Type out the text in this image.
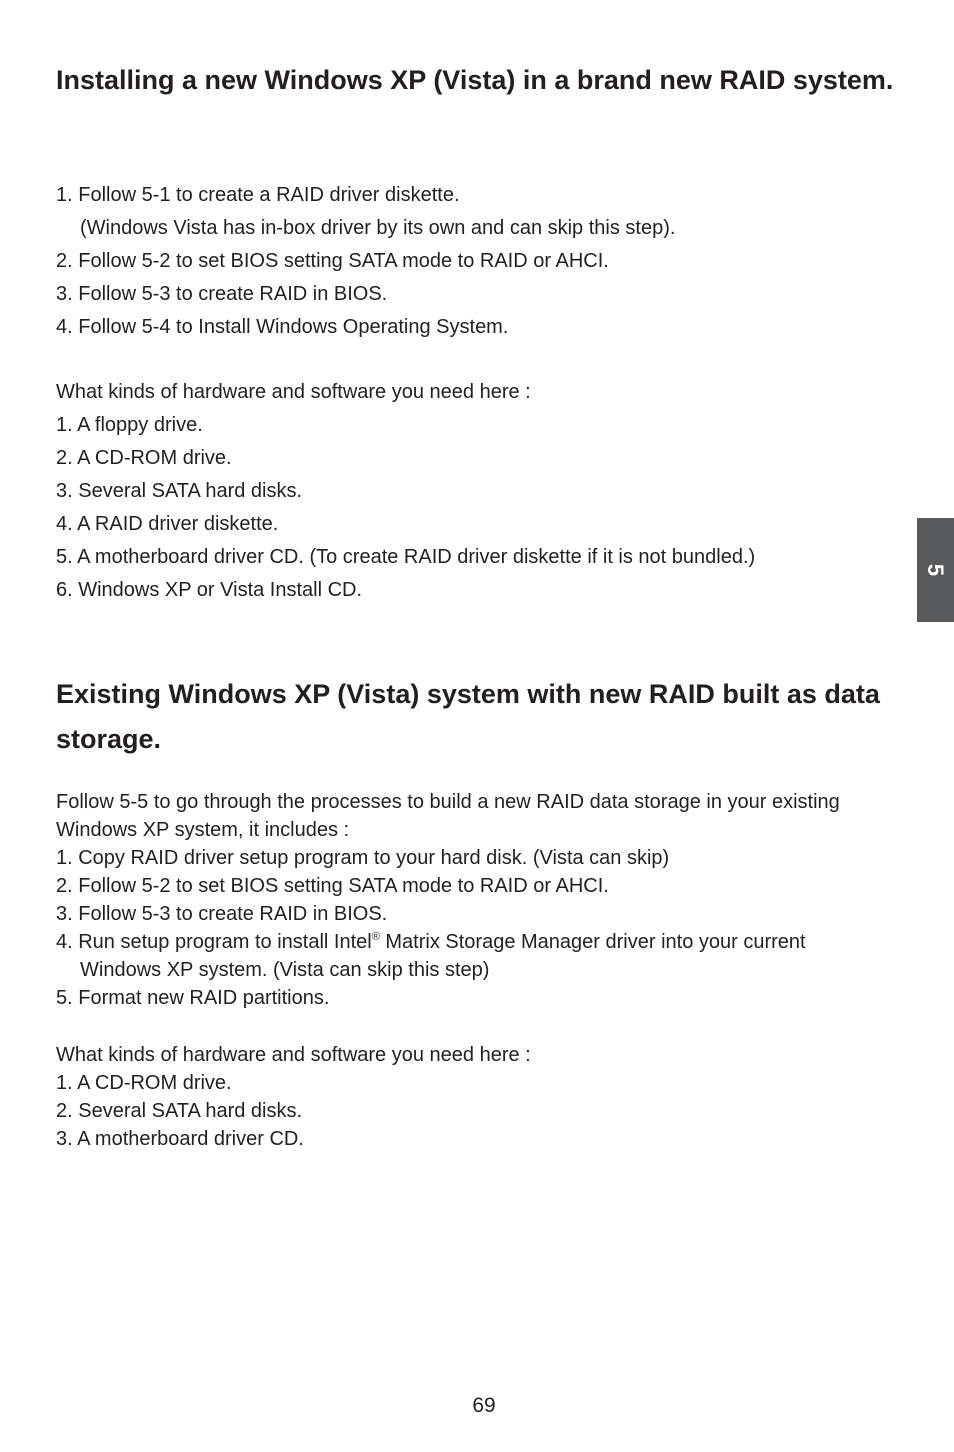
Installing a new Windows XP (Vista) in a brand new RAID system.
1. Follow 5-1 to create a RAID driver diskette.
(Windows Vista has in-box driver by its own and can skip this step).
2. Follow 5-2 to set BIOS setting SATA mode to RAID or AHCI.
3. Follow 5-3 to create RAID in BIOS.
4. Follow 5-4 to Install Windows Operating System.
What kinds of hardware and software you need here :
1. A floppy drive.
2. A CD-ROM drive.
3. Several SATA hard disks.
4. A RAID driver diskette.
5. A motherboard driver CD. (To create RAID driver diskette if it is not bundled.)
6. Windows XP or Vista Install CD.
Existing Windows XP (Vista) system with new RAID built as data storage.
Follow 5-5 to go through the processes to build a new RAID data storage in your existing Windows XP system, it includes :
1. Copy RAID driver setup program to your hard disk. (Vista can skip)
2. Follow 5-2 to set BIOS setting SATA mode to RAID or AHCI.
3. Follow 5-3 to create RAID in BIOS.
4. Run setup program to install Intel® Matrix Storage Manager driver into your current
Windows XP system. (Vista can skip this step)
5. Format new RAID partitions.
What kinds of hardware and software you need here :
1. A CD-ROM drive.
2. Several SATA hard disks.
3. A motherboard driver CD.
5
69
